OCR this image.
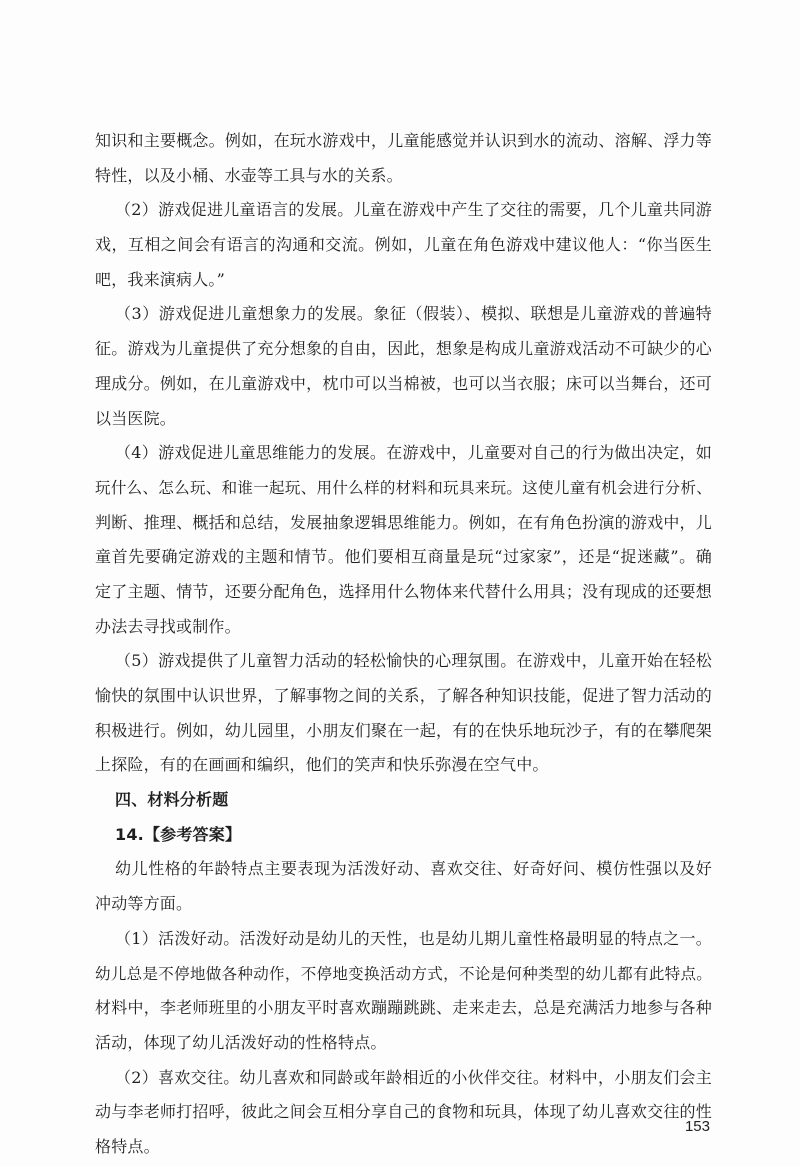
知识和主要概念。例如，在玩水游戏中，儿童能感觉并认识到水的流动、溶解、浮力等
特性，以及小桶、水壶等工具与水的关系。
（2）游戏促进儿童语言的发展。儿童在游戏中产生了交往的需要，几个儿童共同游
戏，互相之间会有语言的沟通和交流。例如，儿童在角色游戏中建议他人：“你当医生
吧，我来演病人。”
（3）游戏促进儿童想象力的发展。象征（假装）、模拟、联想是儿童游戏的普遍特
征。游戏为儿童提供了充分想象的自由，因此，想象是构成儿童游戏活动不可缺少的心
理成分。例如，在儿童游戏中，枕巾可以当棉被，也可以当衣服；床可以当舞台，还可
以当医院。
（4）游戏促进儿童思维能力的发展。在游戏中，儿童要对自己的行为做出决定，如
玩什么、怎么玩、和谁一起玩、用什么样的材料和玩具来玩。这使儿童有机会进行分析、
判断、推理、概括和总结，发展抽象逻辑思维能力。例如，在有角色扮演的游戏中，儿
童首先要确定游戏的主题和情节。他们要相互商量是玩“过家家”，还是“捉迷藏”。确
定了主题、情节，还要分配角色，选择用什么物体来代替什么用具；没有现成的还要想
办法去寻找或制作。
（5）游戏提供了儿童智力活动的轻松愉快的心理氛围。在游戏中，儿童开始在轻松
愉快的氛围中认识世界，了解事物之间的关系，了解各种知识技能，促进了智力活动的
积极进行。例如，幼儿园里，小朋友们聚在一起，有的在快乐地玩沙子，有的在攀爬架
上探险，有的在画画和编织，他们的笑声和快乐弥漫在空气中。
四、材料分析题
14.【参考答案】
幼儿性格的年龄特点主要表现为活泼好动、喜欢交往、好奇好问、模仿性强以及好
冲动等方面。
（1）活泼好动。活泼好动是幼儿的天性，也是幼儿期儿童性格最明显的特点之一。
幼儿总是不停地做各种动作，不停地变换活动方式，不论是何种类型的幼儿都有此特点。
材料中，李老师班里的小朋友平时喜欢蹦蹦跳跳、走来走去，总是充满活力地参与各种
活动，体现了幼儿活泼好动的性格特点。
（2）喜欢交往。幼儿喜欢和同龄或年龄相近的小伙伴交往。材料中，小朋友们会主
动与李老师打招呼，彼此之间会互相分享自己的食物和玩具，体现了幼儿喜欢交往的性
格特点。
153
